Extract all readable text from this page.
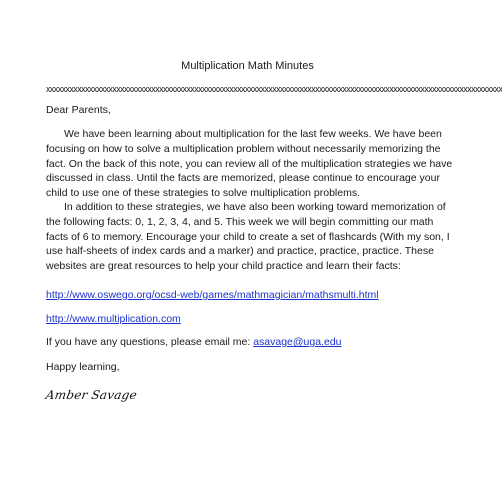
Multiplication Math Minutes
xxxxxxxxxxxxxxxxxxxxxxxxxxxxxxxxxxxxxxxxxxxxxxxxxxxxxxxxxxxxxxxxxxxxxxxxxxxxxxxxxxxxxxxxxxxxxxxxxxxxxxxxxxxxxxxxxxxxx

Dear Parents,

We have been learning about multiplication for the last few weeks. We have been focusing on how to solve a multiplication problem without necessarily memorizing the fact. On the back of this note, you can review all of the multiplication strategies we have discussed in class. Until the facts are memorized, please continue to encourage your child to use one of these strategies to solve multiplication problems.

In addition to these strategies, we have also been working toward memorization of the following facts: 0, 1, 2, 3, 4, and 5. This week we will begin committing our math facts of 6 to memory. Encourage your child to create a set of flashcards (With my son, I use half-sheets of index cards and a marker) and practice, practice, practice. These websites are great resources to help your child practice and learn their facts:

http://www.oswego.org/ocsd-web/games/mathmagician/mathsmulti.html

http://www.multiplication.com

If you have any questions, please email me: asavage@uga.edu

Happy learning,

Amber Savage
